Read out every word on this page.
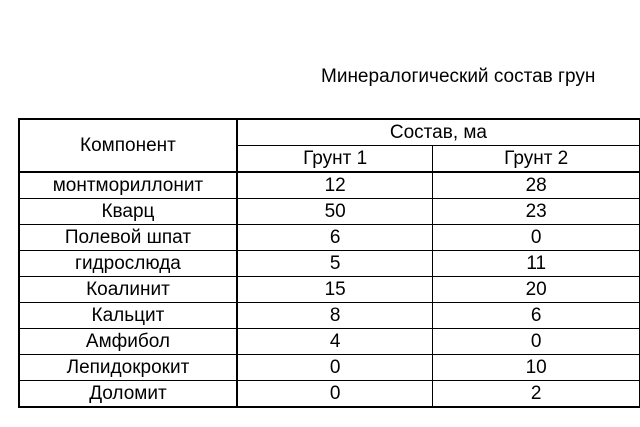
Минералогический состав грун
Компонент	Состав, ма	
	Грунт 1	Грунт 2
монтмориллонит	12	28
Кварц	50	23
Полевой шпат	6	0
гидрослюда	5	11
Коалинит	15	20
Кальцит	8	6
Амфибол	4	0
Лепидокрокит	0	10
Доломит	0	2
